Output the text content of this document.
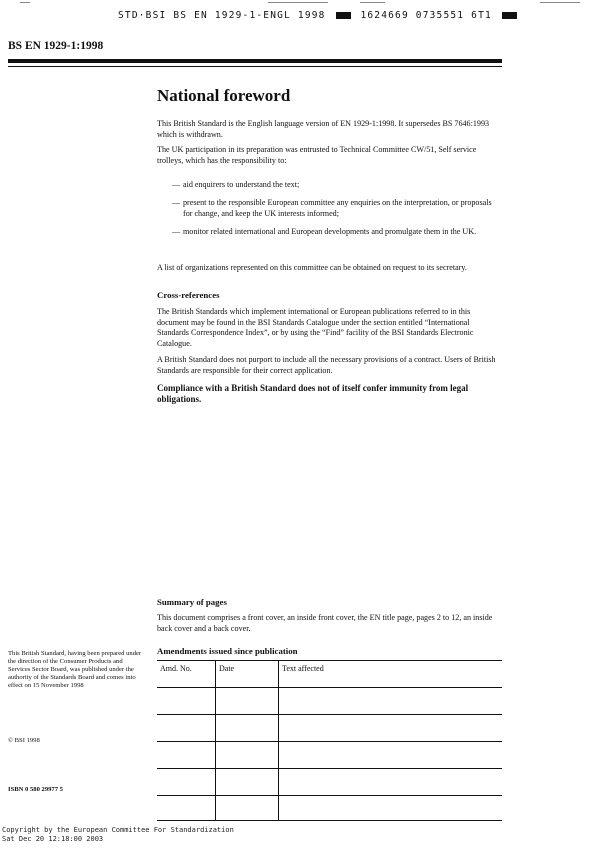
STD·BSI BS EN 1929-1-ENGL 1998	1624669 0735551 6T1
BS EN 1929-1:1998
National foreword

This British Standard is the English language version of EN 1929-1:1998. It supersedes BS 7646:1993 which is withdrawn.

The UK participation in its preparation was entrusted to Technical Committee CW/51, Self service trolleys, which has the responsibility to:

— aid enquirers to understand the text;
— present to the responsible European committee any enquiries on the interpretation, or proposals for change, and keep the UK interests informed;
— monitor related international and European developments and promulgate them in the UK.

A list of organizations represented on this committee can be obtained on request to its secretary.

Cross-references

The British Standards which implement international or European publications referred to in this document may be found in the BSI Standards Catalogue under the section entitled “International Standards Correspondence Index”, or by using the “Find” facility of the BSI Standards Electronic Catalogue.

A British Standard does not purport to include all the necessary provisions of a contract. Users of British Standards are responsible for their correct application.

Compliance with a British Standard does not of itself confer immunity from legal obligations.
Summary of pages

This document comprises a front cover, an inside front cover, the EN title page, pages 2 to 12, an inside back cover and a back cover.

Amendments issued since publication
Amd. No.	Date	Text affected

This British Standard, having been prepared under the direction of the Consumer Products and Services Sector Board, was published under the authority of the Standards Board and comes into effect on 15 November 1998
© BSI 1998
ISBN 0 580 29977 5
Copyright by the European Committee For Standardization
Sat Dec 20 12:18:00 2003
